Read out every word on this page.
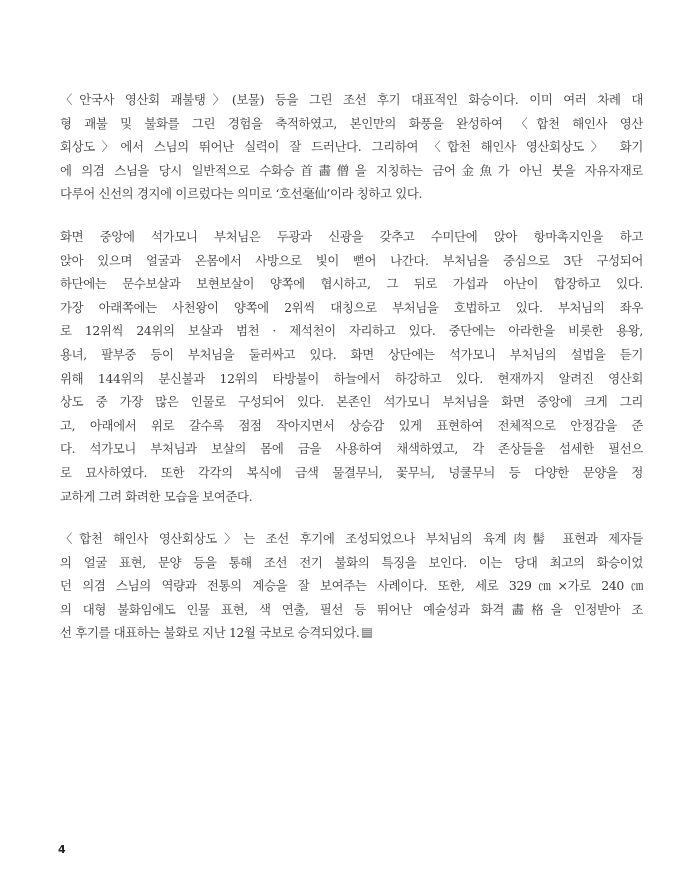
〈안국사 영산회 괘불탱〉(보물) 등을 그린 조선 후기 대표적인 화승이다. 이미 여러 차례 대
형 괘불 및 불화를 그린 경험을 축적하였고, 본인만의 화풍을 완성하여 〈합천 해인사 영산
회상도〉에서 스님의 뛰어난 실력이 잘 드러난다. 그리하여 〈합천 해인사 영산회상도〉 화기
에 의겸 스님을 당시 일반적으로 수화승首畵僧을 지칭하는 금어金魚가 아닌 붓을 자유자재로
다루어 신선의 경지에 이르렀다는 의미로 ‘호선毫仙’이라 칭하고 있다.

화면 중앙에 석가모니 부처님은 두광과 신광을 갖추고 수미단에 앉아 항마촉지인을 하고
앉아 있으며 얼굴과 온몸에서 사방으로 빛이 뻗어 나간다. 부처님을 중심으로 3단 구성되어
하단에는 문수보살과 보현보살이 양쪽에 협시하고, 그 뒤로 가섭과 아난이 합장하고 있다.
가장 아래쪽에는 사천왕이 양쪽에 2위씩 대칭으로 부처님을 호법하고 있다. 부처님의 좌우
로 12위씩 24위의 보살과 범천 · 제석천이 자리하고 있다. 중단에는 아라한을 비롯한 용왕,
용녀, 팔부중 등이 부처님을 둘러싸고 있다. 화면 상단에는 석가모니 부처님의 설법을 듣기
위해 144위의 분신불과 12위의 타방불이 하늘에서 하강하고 있다. 현재까지 알려진 영산회
상도 중 가장 많은 인물로 구성되어 있다. 본존인 석가모니 부처님을 화면 중앙에 크게 그리
고, 아래에서 위로 갈수록 점점 작아지면서 상승감 있게 표현하여 전체적으로 안정감을 준
다. 석가모니 부처님과 보살의 몸에 금을 사용하여 채색하였고, 각 존상들을 섬세한 필선으
로 묘사하였다. 또한 각각의 복식에 금색 물결무늬, 꽃무늬, 넝쿨무늬 등 다양한 문양을 정
교하게 그려 화려한 모습을 보여준다.

〈합천 해인사 영산회상도〉는 조선 후기에 조성되었으나 부처님의 육계肉髻 표현과 제자들
의 얼굴 표현, 문양 등을 통해 조선 전기 불화의 특징을 보인다. 이는 당대 최고의 화승이었
던 의겸 스님의 역량과 전통의 계승을 잘 보여주는 사례이다. 또한, 세로 329㎝×가로 240㎝
의 대형 불화임에도 인물 표현, 색 연출, 필선 등 뛰어난 예술성과 화격畵格을 인정받아 조
선 후기를 대표하는 불화로 지난 12월 국보로 승격되었다.

4
